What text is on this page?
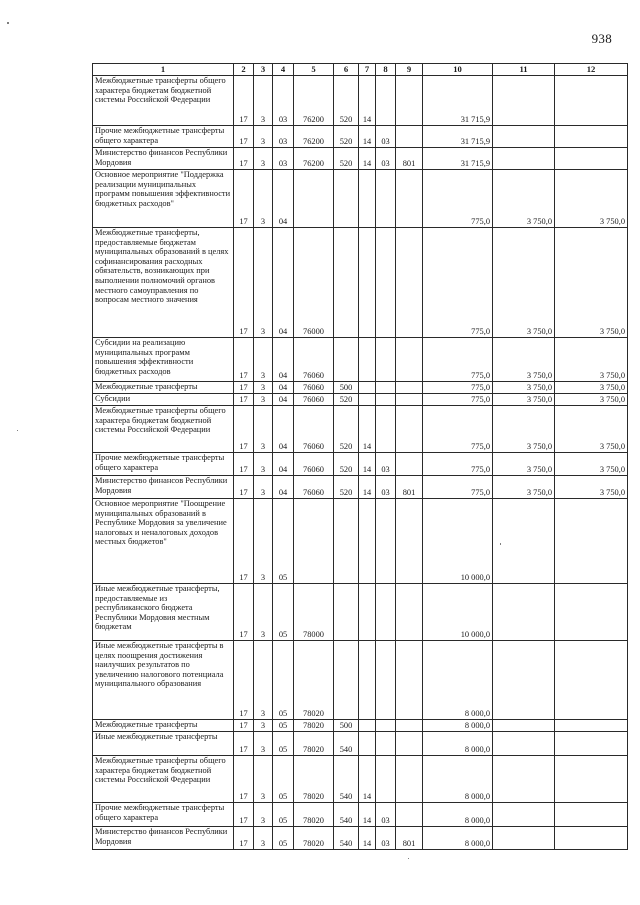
938
1	2	3	4	5	6	7	8	9	10	11	12

Межбюджетные трансферты общего характера бюджетам бюджетной системы Российской Федерации	17	3	03	76200	520	14			31 715,9		

Прочие межбюджетные трансферты общего характера	17	3	03	76200	520	14	03		31 715,9		

Министерство финансов Республики Мордовия	17	3	03	76200	520	14	03	801	31 715,9		

Основное мероприятие "Поддержка реализации муниципальных программ повышения эффективности бюджетных расходов"	17	3	04						775,0	3 750,0	3 750,0

Межбюджетные трансферты, предоставляемые бюджетам муниципальных образований в целях софинансирования расходных обязательств, возникающих при выполнении полномочий органов местного самоуправления по вопросам местного значения	17	3	04	76000					775,0	3 750,0	3 750,0

Субсидии на реализацию муниципальных программ повышения эффективности бюджетных расходов	17	3	04	76060					775,0	3 750,0	3 750,0

Межбюджетные трансферты	17	3	04	76060	500				775,0	3 750,0	3 750,0

Субсидии	17	3	04	76060	520				775,0	3 750,0	3 750,0

Межбюджетные трансферты общего характера бюджетам бюджетной системы Российской Федерации	17	3	04	76060	520	14			775,0	3 750,0	3 750,0

Прочие межбюджетные трансферты общего характера	17	3	04	76060	520	14	03		775,0	3 750,0	3 750,0

Министерство финансов Республики Мордовия	17	3	04	76060	520	14	03	801	775,0	3 750,0	3 750,0

Основное мероприятие "Поощрение муниципальных образований в Республике Мордовия за увеличение налоговых и неналоговых доходов местных бюджетов"	17	3	05						10 000,0		

Иные межбюджетные трансферты, предоставляемые из республиканского бюджета Республики Мордовия местным бюджетам	17	3	05	78000					10 000,0		

Иные межбюджетные трансферты в целях поощрения достижения наилучших результатов по увеличению налогового потенциала муниципального образования	17	3	05	78020					8 000,0		

Межбюджетные трансферты	17	3	05	78020	500				8 000,0		

Иные межбюджетные трансферты	17	3	05	78020	540				8 000,0		

Межбюджетные трансферты общего характера бюджетам бюджетной системы Российской Федерации	17	3	05	78020	540	14			8 000,0		

Прочие межбюджетные трансферты общего характера	17	3	05	78020	540	14	03		8 000,0		

Министерство финансов Республики Мордовия	17	3	05	78020	540	14	03	801	8 000,0		
